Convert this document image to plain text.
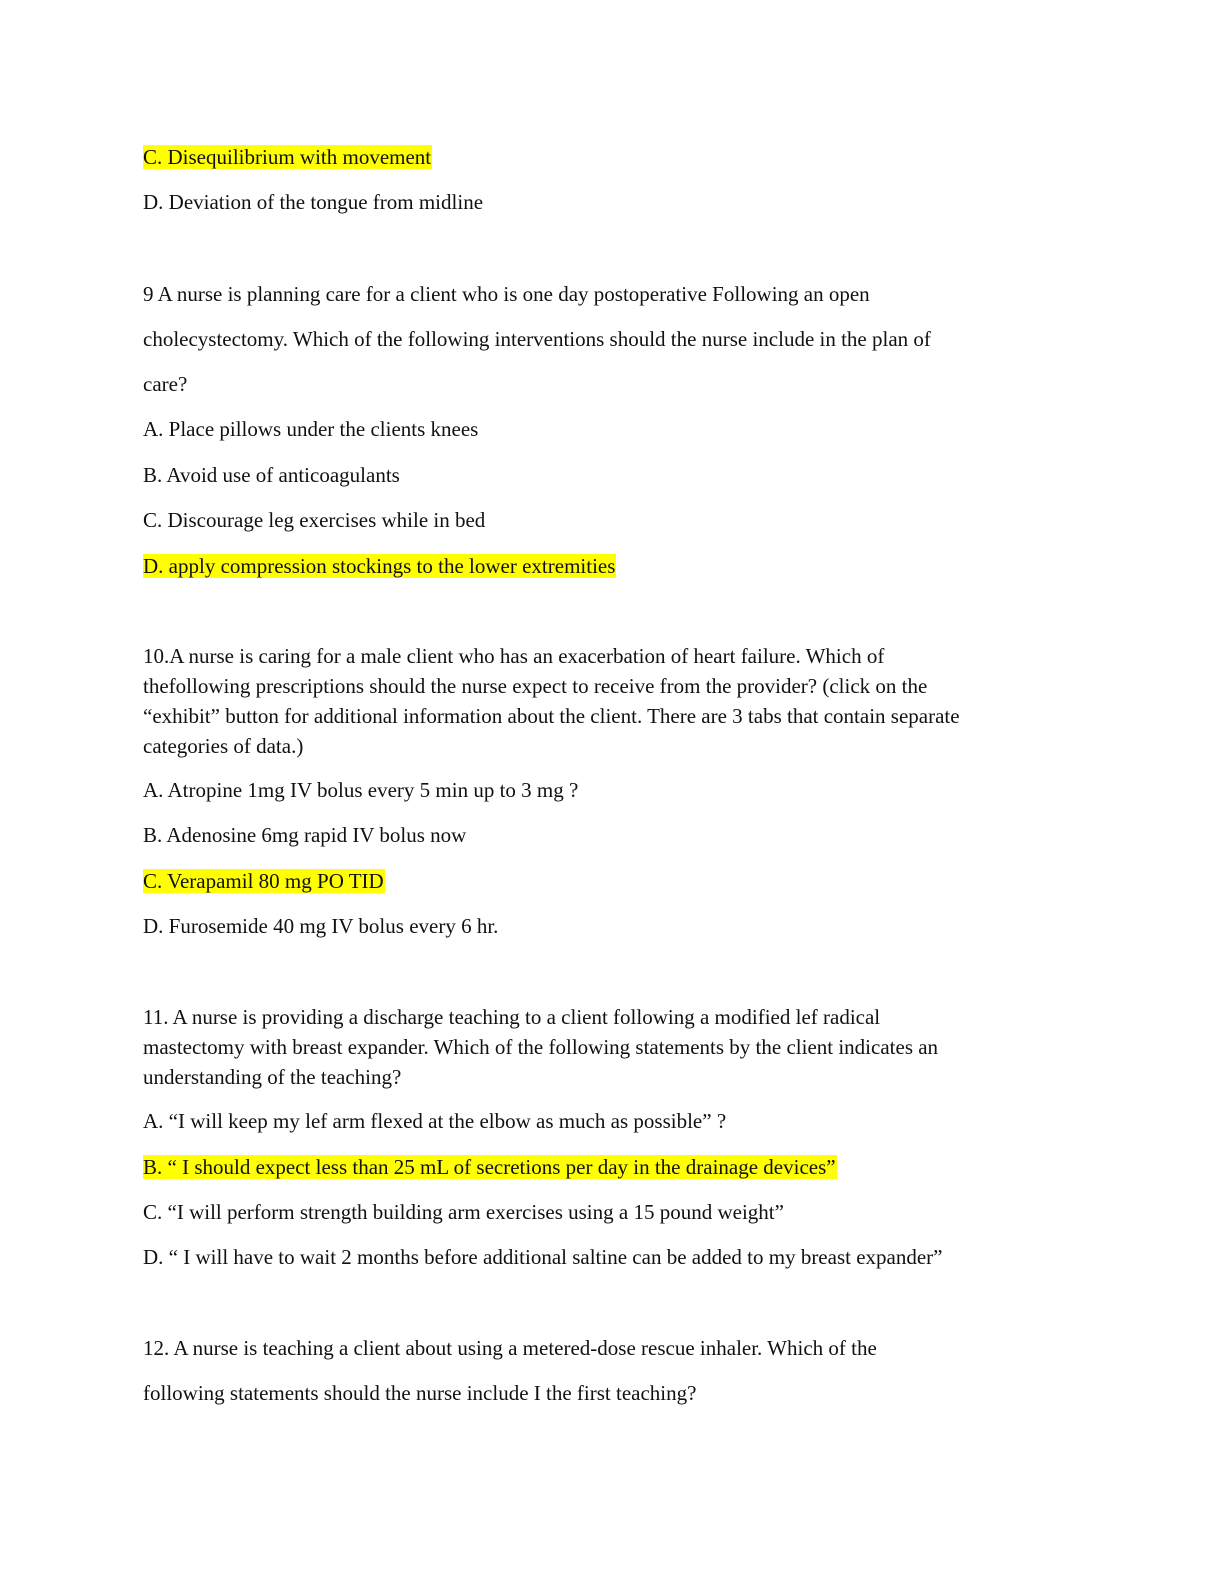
C. Disequilibrium with movement
D. Deviation of the tongue from midline
9 A nurse is planning care for a client who is one day postoperative Following an open
cholecystectomy. Which of the following interventions should the nurse include in the plan of
care?
A. Place pillows under the clients knees
B. Avoid use of anticoagulants
C. Discourage leg exercises while in bed
D. apply compression stockings to the lower extremities
10.A nurse is caring for a male client who has an exacerbation of heart failure. Which of
thefollowing prescriptions should the nurse expect to receive from the provider? (click on the
“exhibit” button for additional information about the client. There are 3 tabs that contain separate
categories of data.)
A. Atropine 1mg IV bolus every 5 min up to 3 mg ?
B. Adenosine 6mg rapid IV bolus now
C. Verapamil 80 mg PO TID
D. Furosemide 40 mg IV bolus every 6 hr.
11. A nurse is providing a discharge teaching to a client following a modified lef radical
mastectomy with breast expander. Which of the following statements by the client indicates an
understanding of the teaching?
A. “I will keep my lef arm flexed at the elbow as much as possible” ?
B. “ I should expect less than 25 mL of secretions per day in the drainage devices”
C. “I will perform strength building arm exercises using a 15 pound weight”
D. “ I will have to wait 2 months before additional saltine can be added to my breast expander”
12. A nurse is teaching a client about using a metered-dose rescue inhaler. Which of the
following statements should the nurse include I the first teaching?
